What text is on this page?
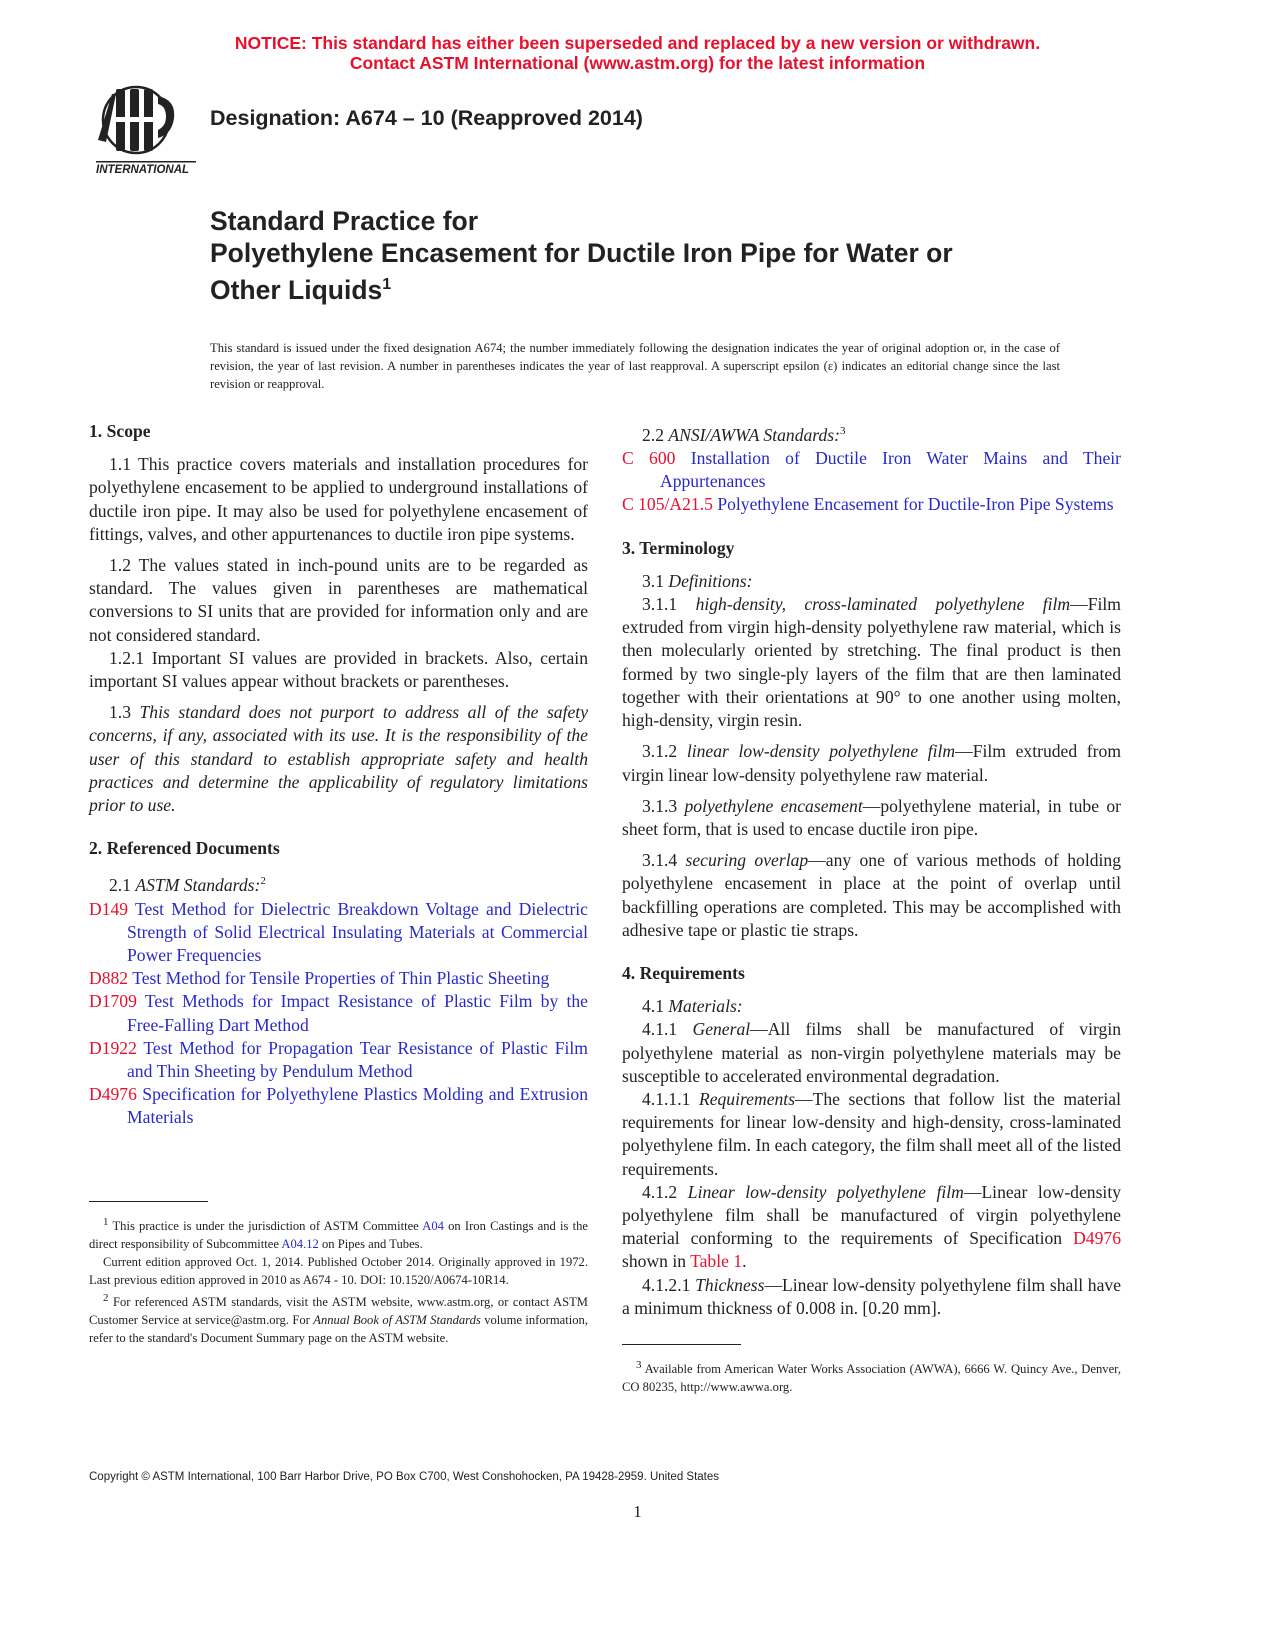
NOTICE: This standard has either been superseded and replaced by a new version or withdrawn.
Contact ASTM International (www.astm.org) for the latest information
INTERNATIONAL
Designation: A674 – 10 (Reapproved 2014)
Standard Practice for
Polyethylene Encasement for Ductile Iron Pipe for Water or
Other Liquids$^1$
This standard is issued under the fixed designation A674; the number immediately following the designation indicates the year of original adoption or, in the case of revision, the year of last revision. A number in parentheses indicates the year of last reapproval. A superscript epsilon (ε) indicates an editorial change since the last revision or reapproval.
1. Scope

1.1 This practice covers materials and installation procedures for polyethylene encasement to be applied to underground installations of ductile iron pipe. It may also be used for polyethylene encasement of fittings, valves, and other appurtenances to ductile iron pipe systems.

1.2 The values stated in inch-pound units are to be regarded as standard. The values given in parentheses are mathematical conversions to SI units that are provided for information only and are not considered standard.

1.2.1 Important SI values are provided in brackets. Also, certain important SI values appear without brackets or parentheses.

1.3 This standard does not purport to address all of the safety concerns, if any, associated with its use. It is the responsibility of the user of this standard to establish appropriate safety and health practices and determine the applicability of regulatory limitations prior to use.

2. Referenced Documents

2.1 ASTM Standards:$^2$

D149 Test Method for Dielectric Breakdown Voltage and Dielectric Strength of Solid Electrical Insulating Materials at Commercial Power Frequencies
D882 Test Method for Tensile Properties of Thin Plastic Sheeting
D1709 Test Methods for Impact Resistance of Plastic Film by the Free-Falling Dart Method
D1922 Test Method for Propagation Tear Resistance of Plastic Film and Thin Sheeting by Pendulum Method
D4976 Specification for Polyethylene Plastics Molding and Extrusion Materials

$^1$ This practice is under the jurisdiction of ASTM Committee A04 on Iron Castings and is the direct responsibility of Subcommittee A04.12 on Pipes and Tubes.

Current edition approved Oct. 1, 2014. Published October 2014. Originally approved in 1972. Last previous edition approved in 2010 as A674 - 10. DOI: 10.1520/A0674-10R14.

$^2$ For referenced ASTM standards, visit the ASTM website, www.astm.org, or contact ASTM Customer Service at service@astm.org. For Annual Book of ASTM Standards volume information, refer to the standard's Document Summary page on the ASTM website.

2.2 ANSI/AWWA Standards:$^3$

C 600 Installation of Ductile Iron Water Mains and Their Appurtenances
C 105/A21.5 Polyethylene Encasement for Ductile-Iron Pipe Systems
3. Terminology

3.1 Definitions:

3.1.1 high-density, cross-laminated polyethylene film—Film extruded from virgin high-density polyethylene raw material, which is then molecularly oriented by stretching. The final product is then formed by two single-ply layers of the film that are then laminated together with their orientations at 90° to one another using molten, high-density, virgin resin.

3.1.2 linear low-density polyethylene film—Film extruded from virgin linear low-density polyethylene raw material.

3.1.3 polyethylene encasement—polyethylene material, in tube or sheet form, that is used to encase ductile iron pipe.

3.1.4 securing overlap—any one of various methods of holding polyethylene encasement in place at the point of overlap until backfilling operations are completed. This may be accomplished with adhesive tape or plastic tie straps.

4. Requirements

4.1 Materials:

4.1.1 General—All films shall be manufactured of virgin polyethylene material as non-virgin polyethylene materials may be susceptible to accelerated environmental degradation.

4.1.1.1 Requirements—The sections that follow list the material requirements for linear low-density and high-density, cross-laminated polyethylene film. In each category, the film shall meet all of the listed requirements.

4.1.2 Linear low-density polyethylene film—Linear low-density polyethylene film shall be manufactured of virgin polyethylene material conforming to the requirements of Specification D4976 shown in Table 1.

4.1.2.1 Thickness—Linear low-density polyethylene film shall have a minimum thickness of 0.008 in. [0.20 mm].

$^3$ Available from American Water Works Association (AWWA), 6666 W. Quincy Ave., Denver, CO 80235, http://www.awwa.org.

Copyright © ASTM International, 100 Barr Harbor Drive, PO Box C700, West Conshohocken, PA 19428-2959. United States
1
